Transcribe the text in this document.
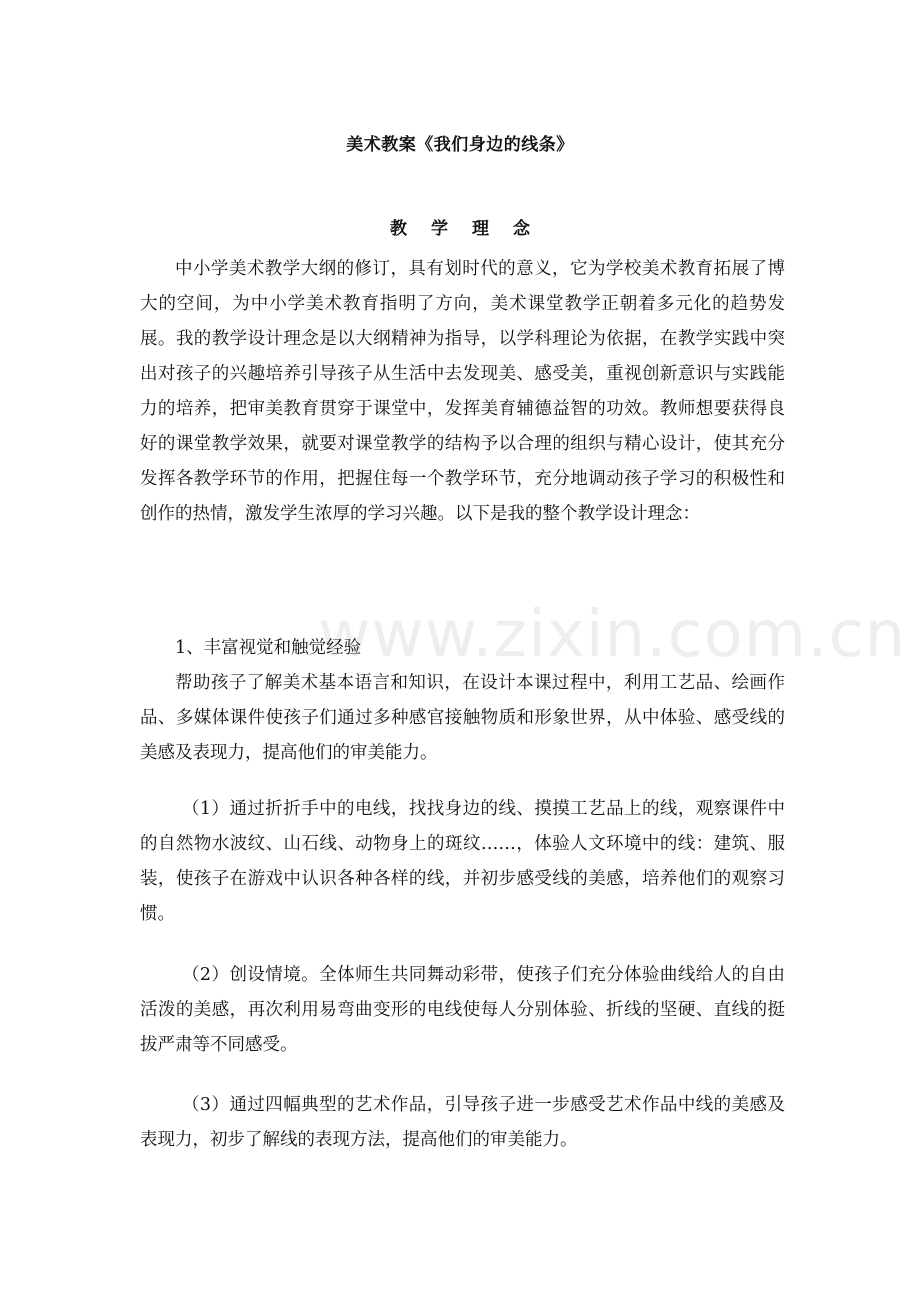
www.zixin.com.cn
美术教案《我们身边的线条》
教学理念

中小学美术教学大纲的修订，具有划时代的意义，它为学校美术教育拓展了博大的空间，为中小学美术教育指明了方向，美术课堂教学正朝着多元化的趋势发展。我的教学设计理念是以大纲精神为指导，以学科理论为依据，在教学实践中突出对孩子的兴趣培养引导孩子从生活中去发现美、感受美，重视创新意识与实践能力的培养，把审美教育贯穿于课堂中，发挥美育辅德益智的功效。教师想要获得良好的课堂教学效果，就要对课堂教学的结构予以合理的组织与精心设计，使其充分发挥各教学环节的作用，把握住每一个教学环节，充分地调动孩子学习的积极性和创作的热情，激发学生浓厚的学习兴趣。以下是我的整个教学设计理念：

1、丰富视觉和触觉经验

帮助孩子了解美术基本语言和知识，在设计本课过程中，利用工艺品、绘画作品、多媒体课件使孩子们通过多种感官接触物质和形象世界，从中体验、感受线的美感及表现力，提高他们的审美能力。

（1）通过折折手中的电线，找找身边的线、摸摸工艺品上的线，观察课件中的自然物水波纹、山石线、动物身上的斑纹……，体验人文环境中的线：建筑、服装，使孩子在游戏中认识各种各样的线，并初步感受线的美感，培养他们的观察习惯。

（2）创设情境。全体师生共同舞动彩带，使孩子们充分体验曲线给人的自由活泼的美感，再次利用易弯曲变形的电线使每人分别体验、折线的坚硬、直线的挺拔严肃等不同感受。

（3）通过四幅典型的艺术作品，引导孩子进一步感受艺术作品中线的美感及表现力，初步了解线的表现方法，提高他们的审美能力。
